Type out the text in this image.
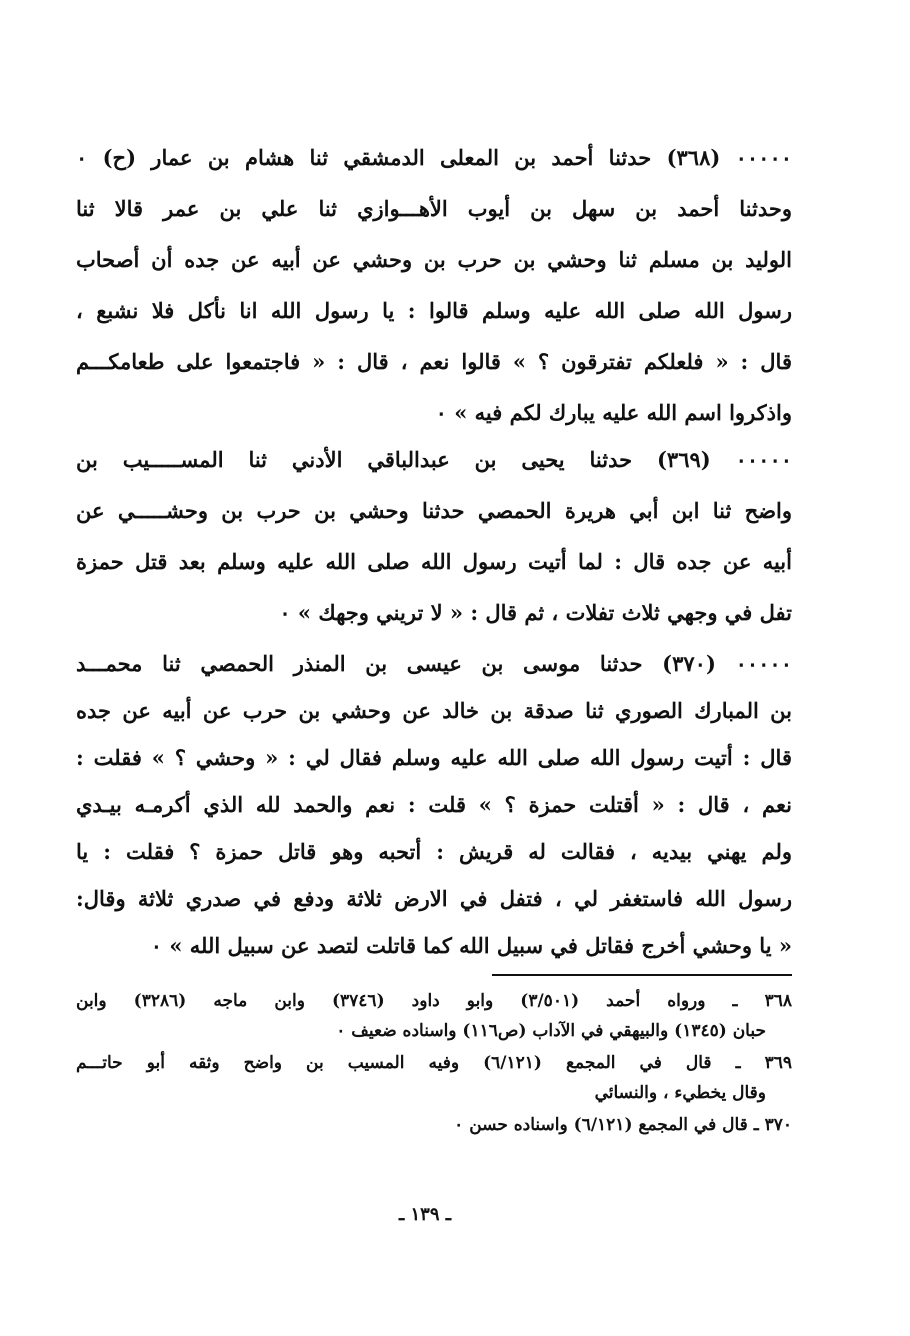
٠٠٠٠٠ (٣٦٨) حدثنا أحمد بن المعلى الدمشقي ثنا هشام بن عمار (ح) ٠
وحدثنا أحمد بن سهل بن أيوب الأهـــوازي ثنا علي بن عمر قالا ثنا
الوليد بن مسلم ثنا وحشي بن حرب بن وحشي عن أبيه عن جده أن أصحاب
رسول الله صلى الله عليه وسلم قالوا : يا رسول الله انا نأكل فلا نشبع ،
قال : « فلعلكم تفترقون ؟ » قالوا نعم ، قال : « فاجتمعوا على طعامكـــم
واذكروا اسم الله عليه يبارك لكم فيه » ٠
٠٠٠٠٠ (٣٦٩) حدثنا يحيى بن عبدالباقي الأدني ثنا المســـــيب بن
واضح ثنا ابن أبي هريرة الحمصي حدثنا وحشي بن حرب بن وحشـــــي عن
أبيه عن جده قال : لما أتيت رسول الله صلى الله عليه وسلم بعد قتل حمزة
تفل في وجهي ثلاث تفلات ، ثم قال : « لا تريني وجهك » ٠
٠٠٠٠٠ (٣٧٠) حدثنا موسى بن عيسى بن المنذر الحمصي ثنا محمـــد
بن المبارك الصوري ثنا صدقة بن خالد عن وحشي بن حرب عن أبيه عن جده
قال : أتيت رسول الله صلى الله عليه وسلم فقال لي : « وحشي ؟ » فقلت :
نعم ، قال : « أقتلت حمزة ؟ » قلت : نعم والحمد لله الذي أكرمـه بيـدي
ولم يهني بيديه ، فقالت له قريش : أتحبه وهو قاتل حمزة ؟ فقلت : يا
رسول الله فاستغفر لي ، فتفل في الارض ثلاثة ودفع في صدري ثلاثة وقال:
« يا وحشي أخرج فقاتل في سبيل الله كما قاتلت لتصد عن سبيل الله » ٠
٣٦٨ ـ ورواه أحمد (٣/٥٠١) وابو داود (٣٧٤٦) وابن ماجه (٣٢٨٦) وابن
حبان (١٣٤٥) والبيهقي في الآداب (ص١١٦) واسناده ضعيف ٠
٣٦٩ ـ قال في المجمع (٦/١٢١) وفيه المسيب بن واضح وثقه أبو حاتـــم
وقال يخطيء ، والنسائي
٣٧٠ ـ قال في المجمع (٦/١٢١) واسناده حسن ٠
ـ ١٣٩ ـ
